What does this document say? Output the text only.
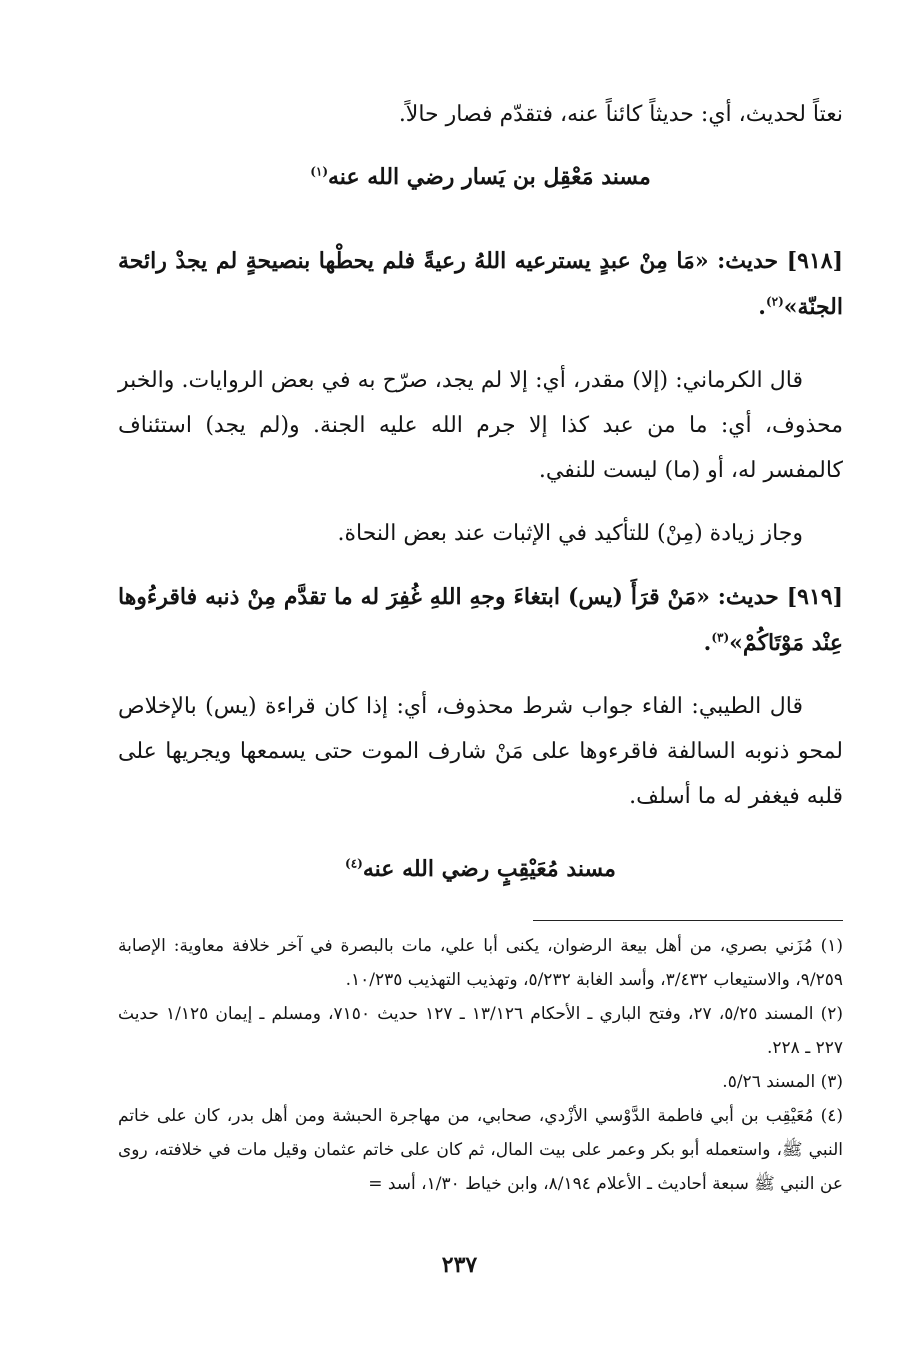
نعتاً لحديث، أي: حديثاً كائناً عنه، فتقدّم فصار حالاً.

مسند مَعْقِل بن يَسار رضي الله عنه$^{(١)}$

[٩١٨] حديث: «مَا مِنْ عبدٍ يسترعيه اللهُ رعيةً فلم يحطْها بنصيحةٍ لم يجدْ رائحة الجنّة»$^{(٢)}$.

قال الكرماني: (إلا) مقدر، أي: إلا لم يجد، صرّح به في بعض الروايات. والخبر محذوف، أي: ما من عبد كذا إلا جرم الله عليه الجنة. و(لم يجد) استئناف كالمفسر له، أو (ما) ليست للنفي.

وجاز زيادة (مِنْ) للتأكيد في الإثبات عند بعض النحاة.

[٩١٩] حديث: «مَنْ قرَأَ (يس) ابتغاءَ وجهِ اللهِ غُفِرَ له ما تقدَّم مِنْ ذنبه فاقرءُوها عِنْد مَوْتَاكُمْ»$^{(٣)}$.

قال الطيبي: الفاء جواب شرط محذوف، أي: إذا كان قراءة (يس) بالإخلاص لمحو ذنوبه السالفة فاقرءوها على مَنْ شارف الموت حتى يسمعها ويجريها على قلبه فيغفر له ما أسلف.

مسند مُعَيْقِبٍ رضي الله عنه$^{(٤)}$

(١) مُزَني بصري، من أهل بيعة الرضوان، يكنى أبا علي، مات بالبصرة في آخر خلافة معاوية: الإصابة ٩/٢٥٩، والاستيعاب ٣/٤٣٢، وأسد الغابة ٥/٢٣٢، وتهذيب التهذيب ١٠/٢٣٥.

(٢) المسند ٥/٢٥، ٢٧، وفتح الباري ـ الأحكام ١٣/١٢٦ ـ ١٢٧ حديث ٧١٥٠، ومسلم ـ إيمان ١/١٢٥ حديث ٢٢٧ ـ ٢٢٨.

(٣) المسند ٥/٢٦.

(٤) مُعَيْقِب بن أبي فاطمة الدَّوْسي الأزْدي، صحابي، من مهاجرة الحبشة ومن أهل بدر، كان على خاتم النبي ﷺ، واستعمله أبو بكر وعمر على بيت المال، ثم كان على خاتم عثمان وقيل مات في خلافته، روى عن النبي ﷺ سبعة أحاديث ـ الأعلام ٨/١٩٤، وابن خياط ١/٣٠، أسد =

٢٣٧
